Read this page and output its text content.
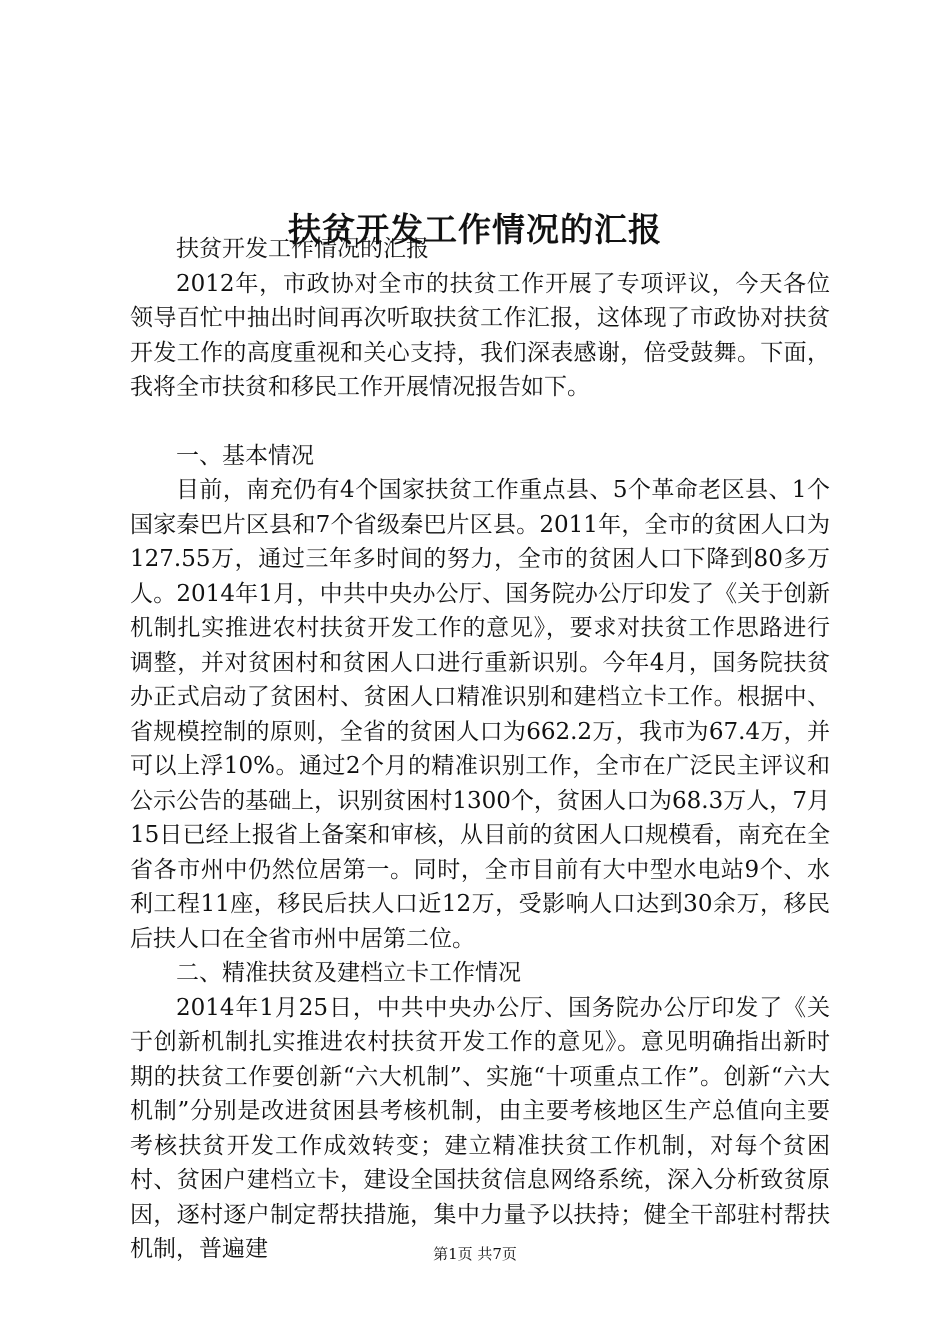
扶贫开发工作情况的汇报

扶贫开发工作情况的汇报

2012年，市政协对全市的扶贫工作开展了专项评议，今天各位领导百忙中抽出时间再次听取扶贫工作汇报，这体现了市政协对扶贫开发工作的高度重视和关心支持，我们深表感谢，倍受鼓舞。下面，我将全市扶贫和移民工作开展情况报告如下。

一、基本情况

目前，南充仍有4个国家扶贫工作重点县、5个革命老区县、1个国家秦巴片区县和7个省级秦巴片区县。2011年，全市的贫困人口为127.55万，通过三年多时间的努力，全市的贫困人口下降到80多万人。2014年1月，中共中央办公厅、国务院办公厅印发了《关于创新机制扎实推进农村扶贫开发工作的意见》，要求对扶贫工作思路进行调整，并对贫困村和贫困人口进行重新识别。今年4月，国务院扶贫办正式启动了贫困村、贫困人口精准识别和建档立卡工作。根据中、省规模控制的原则，全省的贫困人口为662.2万，我市为67.4万，并可以上浮10%。通过2个月的精准识别工作，全市在广泛民主评议和公示公告的基础上，识别贫困村1300个，贫困人口为68.3万人，7月15日已经上报省上备案和审核，从目前的贫困人口规模看，南充在全省各市州中仍然位居第一。同时，全市目前有大中型水电站9个、水利工程11座，移民后扶人口近12万，受影响人口达到30余万，移民后扶人口在全省市州中居第二位。

二、精准扶贫及建档立卡工作情况

2014年1月25日，中共中央办公厅、国务院办公厅印发了《关于创新机制扎实推进农村扶贫开发工作的意见》。意见明确指出新时期的扶贫工作要创新“六大机制”、实施“十项重点工作”。创新“六大机制”分别是改进贫困县考核机制，由主要考核地区生产总值向主要考核扶贫开发工作成效转变；建立精准扶贫工作机制，对每个贫困村、贫困户建档立卡，建设全国扶贫信息网络系统，深入分析致贫原因，逐村逐户制定帮扶措施，集中力量予以扶持；健全干部驻村帮扶机制，普遍建	第1页 共7页
